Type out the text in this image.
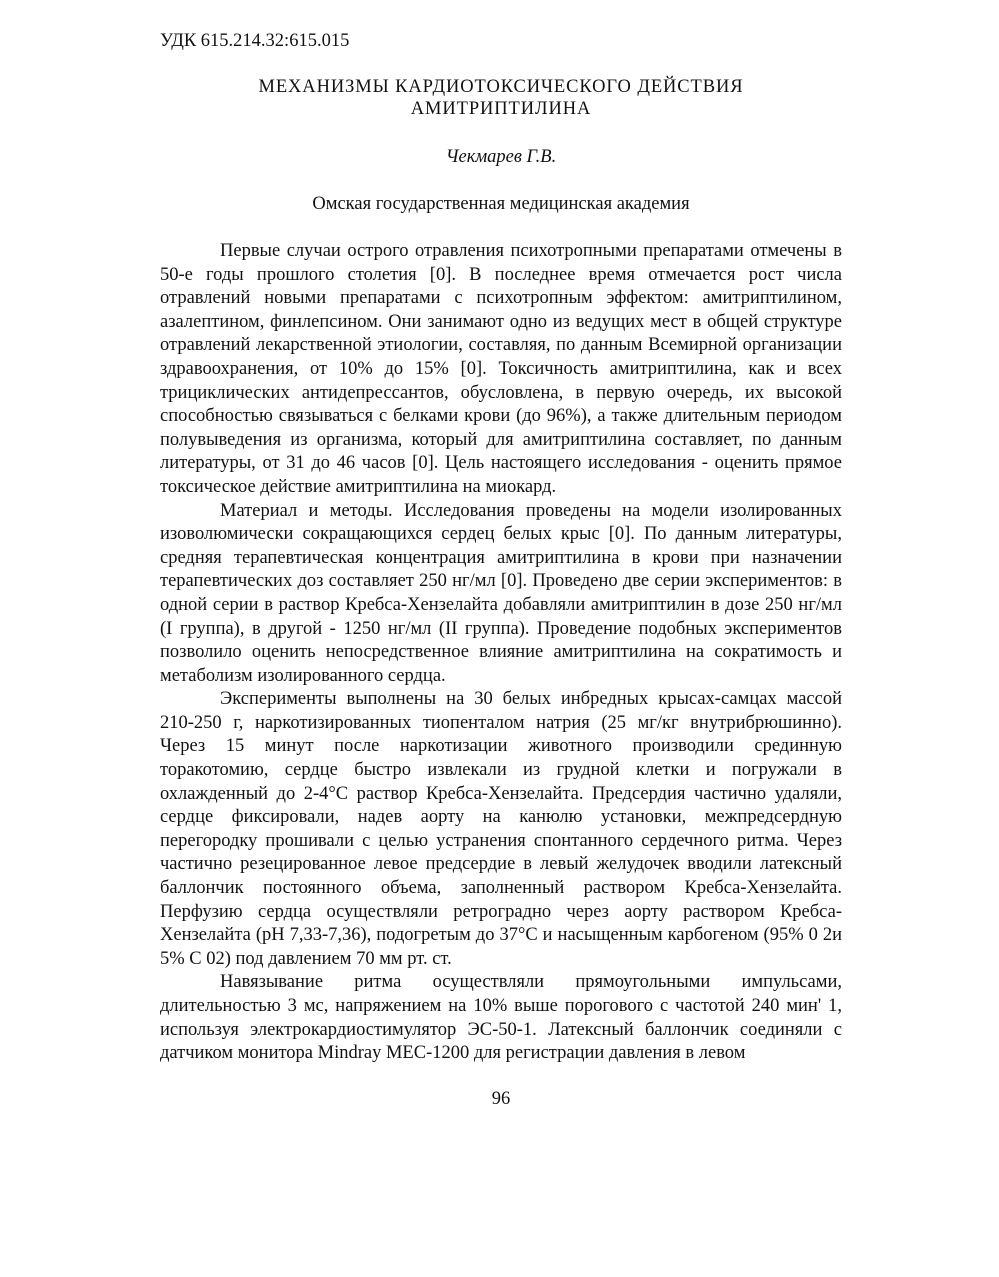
УДК 615.214.32:615.015
МЕХАНИЗМЫ КАРДИОТОКСИЧЕСКОГО ДЕЙСТВИЯ
АМИТРИПТИЛИНА
Чекмарев Г.В.
Омская государственная медицинская академия

Первые случаи острого отравления психотропными препаратами отмечены в 50-е годы прошлого столетия [0]. В последнее время отмечается рост числа отравлений новыми препаратами с психотропным эффектом: амитриптилином, азалептином, финлепсином. Они занимают одно из ведущих мест в общей структуре отравлений лекарственной этиологии, составляя, по данным Всемирной организации здравоохранения, от 10% до 15% [0]. Токсичность амитриптилина, как и всех трициклических антидепрессантов, обусловлена, в первую очередь, их высокой способностью связываться с белками крови (до 96%), а также длительным периодом полувыведения из организма, который для амитриптилина составляет, по данным литературы, от 31 до 46 часов [0]. Цель настоящего исследования - оценить прямое токсическое действие амитриптилина на миокард.

Материал и методы. Исследования проведены на модели изолированных изоволюмически сокращающихся сердец белых крыс [0]. По данным литературы, средняя терапевтическая концентрация амитриптилина в крови при назначении терапевтических доз составляет 250 нг/мл [0]. Проведено две серии экспериментов: в одной серии в раствор Кребса-Хензелайта добавляли амитриптилин в дозе 250 нг/мл (I группа), в другой - 1250 нг/мл (II группа). Проведение подобных экспериментов позволило оценить непосредственное влияние амитриптилина на сократимость и метаболизм изолированного сердца.

Эксперименты выполнены на 30 белых инбредных крысах-самцах массой 210-250 г, наркотизированных тиопенталом натрия (25 мг/кг внутрибрюшинно). Через 15 минут после наркотизации животного производили срединную торакотомию, сердце быстро извлекали из грудной клетки и погружали в охлажденный до 2-4°С раствор Кребса-Хензелайта. Предсердия частично удаляли, сердце фиксировали, надев аорту на канюлю установки, межпредсердную перегородку прошивали с целью устранения спонтанного сердечного ритма. Через частично резецированное левое предсердие в левый желудочек вводили латексный баллончик постоянного объема, заполненный раствором Кребса-Хензелайта. Перфузию сердца осуществляли ретроградно через аорту раствором Кребса-Хензелайта (рН 7,33-7,36), подогретым до 37°С и насыщенным карбогеном (95% 0 2и 5% С 02) под давлением 70 мм рт. ст.

Навязывание ритма осуществляли прямоугольными импульсами, длительностью 3 мс, напряжением на 10% выше порогового с частотой 240 мин' 1, используя электрокардиостимулятор ЭС-50-1. Латексный баллончик соединяли с датчиком монитора Mindray МЕС-1200 для регистрации давления в левом

96
